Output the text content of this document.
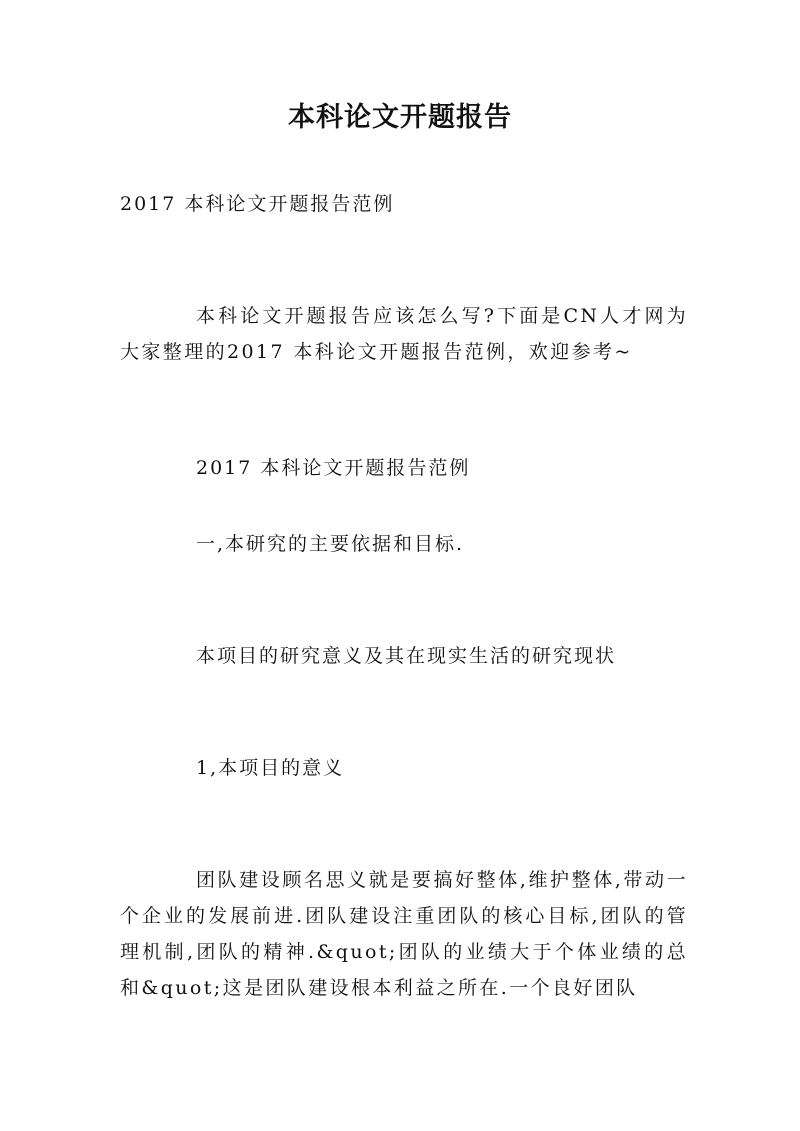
本科论文开题报告
2017 本科论文开题报告范例
本科论文开题报告应该怎么写?下面是CN人才网为大家整理的2017 本科论文开题报告范例，欢迎参考~
2017 本科论文开题报告范例
一,本研究的主要依据和目标.
本项目的研究意义及其在现实生活的研究现状
1,本项目的意义
团队建设顾名思义就是要搞好整体,维护整体,带动一个企业的发展前进.团队建设注重团队的核心目标,团队的管理机制,团队的精神.&quot;团队的业绩大于个体业绩的总和&quot;这是团队建设根本利益之所在.一个良好团队
